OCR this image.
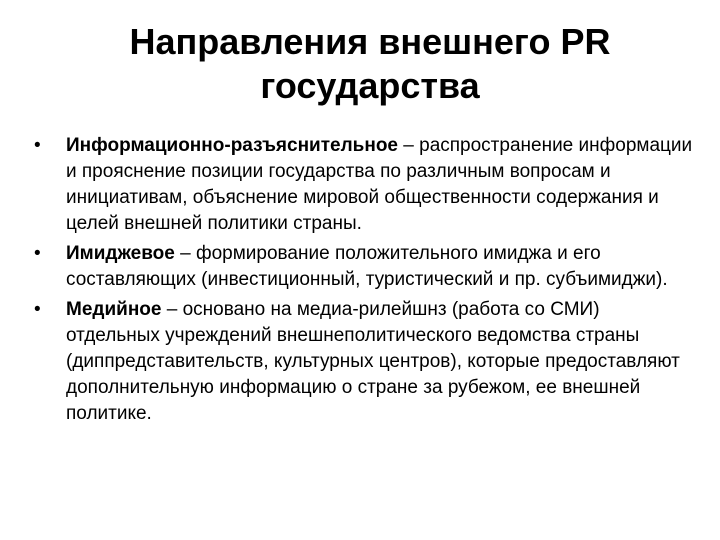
Направления внешнего PR
государства
• Информационно-разъяснительное – распространение информации и прояснение позиции государства по различным вопросам и инициативам, объяснение мировой общественности содержания и целей внешней политики страны.
• Имиджевое – формирование положительного имиджа и его составляющих (инвестиционный, туристический и пр. субъимиджи).
• Медийное – основано на медиа-рилейшнз (работа со СМИ) отдельных учреждений внешнеполитического ведомства страны (диппредставительств, культурных центров), которые предоставляют дополнительную информацию о стране за рубежом, ее внешней политике.
